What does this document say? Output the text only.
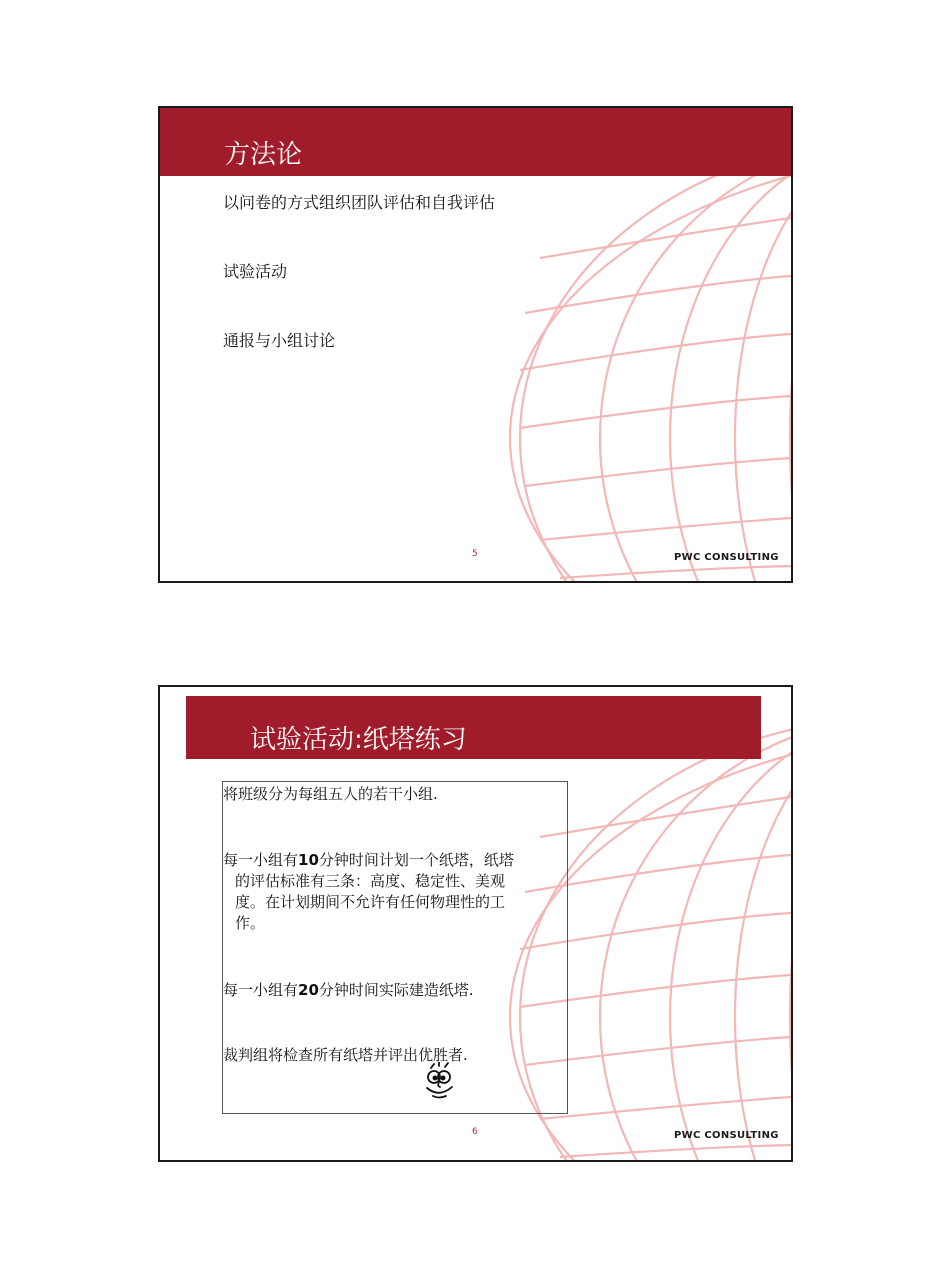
方法论
以问卷的方式组织团队评估和自我评估
试验活动
通报与小组讨论
5	PWC CONSULTING
试验活动:纸塔练习
将班级分为每组五人的若干小组.
每一小组有10分钟时间计划一个纸塔，纸塔
的评估标准有三条：高度、稳定性、美观
度。在计划期间不允许有任何物理性的工
作。
每一小组有20分钟时间实际建造纸塔.
裁判组将检查所有纸塔并评出优胜者.
6	PWC CONSULTING
